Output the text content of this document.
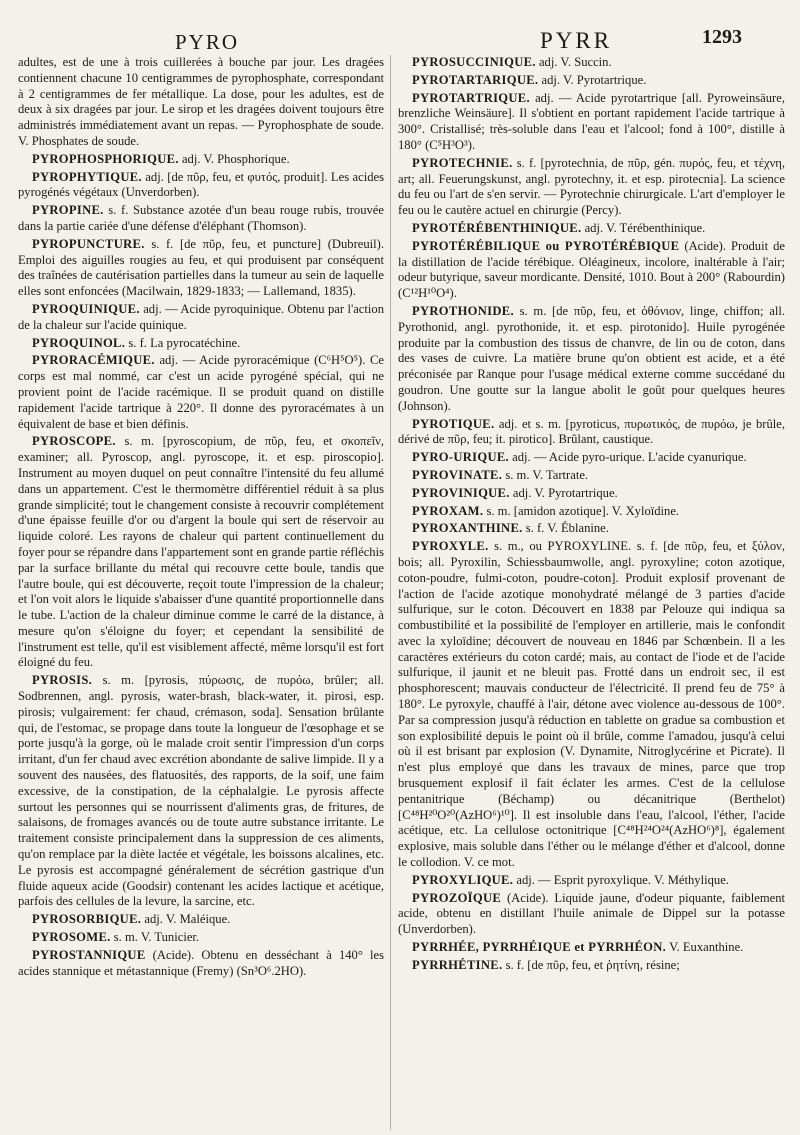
PYRO	PYRR	1293

adultes, est de une à trois cuillerées à bouche par jour. Les dragées contiennent chacune 10 centigrammes de pyrophosphate, correspondant à 2 centigrammes de fer métallique. La dose, pour les adultes, est de deux à six dragées par jour. Le sirop et les dragées doivent toujours être administrés immédiatement avant un repas. — Pyrophosphate de soude. V. Phosphates de soude.

PYROPHOSPHORIQUE. adj. V. Phosphorique.

PYROPHYTIQUE. adj. [de πῦρ, feu, et φυτός, produit]. Les acides pyrogénés végétaux (Unverdorben).

PYROPINE. s. f. Substance azotée d'un beau rouge rubis, trouvée dans la partie cariée d'une défense d'éléphant (Thomson).

PYROPUNCTURE. s. f. [de πῦρ, feu, et puncture] (Dubreuil). Emploi des aiguilles rougies au feu, et qui produisent par conséquent des traînées de cautérisation partielles dans la tumeur au sein de laquelle elles sont enfoncées (Macilwain, 1829-1833; — Lallemand, 1835).

PYROQUINIQUE. adj. — Acide pyroquinique. Obtenu par l'action de la chaleur sur l'acide quinique.

PYROQUINOL. s. f. La pyrocatéchine.

PYRORACÉMIQUE. adj. — Acide pyroracémique (C⁶H⁵O⁵). Ce corps est mal nommé, car c'est un acide pyrogéné spécial, qui ne provient point de l'acide racémique. Il se produit quand on distille rapidement l'acide tartrique à 220°. Il donne des pyroracémates à un équivalent de base et bien définis.

PYROSCOPE. s. m. [pyroscopium, de πῦρ, feu, et σκοπεῖν, examiner; all. Pyroscop, angl. pyroscope, it. et esp. piroscopio]. Instrument au moyen duquel on peut connaître l'intensité du feu allumé dans un appartement. C'est le thermomètre différentiel réduit à sa plus grande simplicité; tout le changement consiste à recouvrir complétement d'une épaisse feuille d'or ou d'argent la boule qui sert de réservoir au liquide coloré. Les rayons de chaleur qui partent continuellement du foyer pour se répandre dans l'appartement sont en grande partie réfléchis par la surface brillante du métal qui recouvre cette boule, tandis que l'autre boule, qui est découverte, reçoit toute l'impression de la chaleur; et l'on voit alors le liquide s'abaisser d'une quantité proportionnelle dans le tube. L'action de la chaleur diminue comme le carré de la distance, à mesure qu'on s'éloigne du foyer; et cependant la sensibilité de l'instrument est telle, qu'il est visiblement affecté, même lorsqu'il est fort éloigné du feu.

PYROSIS. s. m. [pyrosis, πύρωσις, de πυρόω, brûler; all. Sodbrennen, angl. pyrosis, water-brash, black-water, it. pirosi, esp. pirosis; vulgairement: fer chaud, crémason, soda]. Sensation brûlante qui, de l'estomac, se propage dans toute la longueur de l'œsophage et se porte jusqu'à la gorge, où le malade croit sentir l'impression d'un corps irritant, d'un fer chaud avec excrétion abondante de salive limpide. Il y a souvent des nausées, des flatuosités, des rapports, de la soif, une faim excessive, de la constipation, de la céphalalgie. Le pyrosis affecte surtout les personnes qui se nourrissent d'aliments gras, de fritures, de salaisons, de fromages avancés ou de toute autre substance irritante. Le traitement consiste principalement dans la suppression de ces aliments, qu'on remplace par la diète lactée et végétale, les boissons alcalines, etc. Le pyrosis est accompagné généralement de sécrétion gastrique d'un fluide aqueux acide (Goodsir) contenant les acides lactique et acétique, parfois des cellules de la levure, la sarcine, etc.

PYROSORBIQUE. adj. V. Maléique.

PYROSOME. s. m. V. Tunicier.

PYROSTANNIQUE (Acide). Obtenu en desséchant à 140° les acides stannique et métastannique (Fremy) (Sn³O⁶.2HO).

PYROSUCCINIQUE. adj. V. Succin.

PYROTARTARIQUE. adj. V. Pyrotartrique.

PYROTARTRIQUE. adj. — Acide pyrotartrique [all. Pyroweinsäure, brenzliche Weinsäure]. Il s'obtient en portant rapidement l'acide tartrique à 300°. Cristallisé; très-soluble dans l'eau et l'alcool; fond à 100°, distille à 180° (C⁵H³O³).

PYROTECHNIE. s. f. [pyrotechnia, de πῦρ, gén. πυρός, feu, et τέχνη, art; all. Feuerungskunst, angl. pyrotechny, it. et esp. pirotecnia]. La science du feu ou l'art de s'en servir. — Pyrotechnie chirurgicale. L'art d'employer le feu ou le cautère actuel en chirurgie (Percy).

PYROTÉRÉBENTHINIQUE. adj. V. Térébenthinique.

PYROTÉRÉBILIQUE ou PYROTÉRÉBIQUE (Acide). Produit de la distillation de l'acide térébique. Oléagineux, incolore, inaltérable à l'air; odeur butyrique, saveur mordicante. Densité, 1010. Bout à 200° (Rabourdin) (C¹²H¹⁰O⁴).

PYROTHONIDE. s. m. [de πῦρ, feu, et ὀθόνιον, linge, chiffon; all. Pyrothonid, angl. pyrothonide, it. et esp. pirotonido]. Huile pyrogénée produite par la combustion des tissus de chanvre, de lin ou de coton, dans des vases de cuivre. La matière brune qu'on obtient est acide, et a été préconisée par Ranque pour l'usage médical externe comme succédané du goudron. Une goutte sur la langue abolit le goût pour quelques heures (Johnson).

PYROTIQUE. adj. et s. m. [pyroticus, πυρωτικός, de πυρόω, je brûle, dérivé de πῦρ, feu; it. pirotico]. Brûlant, caustique.

PYRO-URIQUE. adj. — Acide pyro-urique. L'acide cyanurique.

PYROVINATE. s. m. V. Tartrate.

PYROVINIQUE. adj. V. Pyrotartrique.

PYROXAM. s. m. [amidon azotique]. V. Xyloïdine.

PYROXANTHINE. s. f. V. Éblanine.

PYROXYLE. s. m., ou PYROXYLINE. s. f. [de πῦρ, feu, et ξύλον, bois; all. Pyroxilin, Schiessbaumwolle, angl. pyroxyline; coton azotique, coton-poudre, fulmi-coton, poudre-coton]. Produit explosif provenant de l'action de l'acide azotique monohydraté mélangé de 3 parties d'acide sulfurique, sur le coton. Découvert en 1838 par Pelouze qui indiqua sa combustibilité et la possibilité de l'employer en artillerie, mais le confondit avec la xyloïdine; découvert de nouveau en 1846 par Schœnbein. Il a les caractères extérieurs du coton cardé; mais, au contact de l'iode et de l'acide sulfurique, il jaunit et ne bleuit pas. Frotté dans un endroit sec, il est phosphorescent; mauvais conducteur de l'électricité. Il prend feu de 75° à 180°. Le pyroxyle, chauffé à l'air, détone avec violence au-dessous de 100°. Par sa compression jusqu'à réduction en tablette on gradue sa combustion et son explosibilité depuis le point où il brûle, comme l'amadou, jusqu'à celui où il est brisant par explosion (V. Dynamite, Nitroglycérine et Picrate). Il n'est plus employé que dans les travaux de mines, parce que trop brusquement explosif il fait éclater les armes. C'est de la cellulose pentanitrique (Béchamp) ou décanitrique (Berthelot) [C⁴⁸H²⁰O²⁰(AzHO⁶)¹⁰]. Il est insoluble dans l'eau, l'alcool, l'éther, l'acide acétique, etc. La cellulose octonitrique [C⁴⁸H²⁴O²⁴(AzHO⁶)⁸], également explosive, mais soluble dans l'éther ou le mélange d'éther et d'alcool, donne le collodion. V. ce mot.

PYROXYLIQUE. adj. — Esprit pyroxylique. V. Méthylique.

PYROZOÏQUE (Acide). Liquide jaune, d'odeur piquante, faiblement acide, obtenu en distillant l'huile animale de Dippel sur la potasse (Unverdorben).

PYRRHÉE, PYRRHÉIQUE et PYRRHÉON. V. Euxanthine.

PYRRHÉTINE. s. f. [de πῦρ, feu, et ῥητίνη, résine;
